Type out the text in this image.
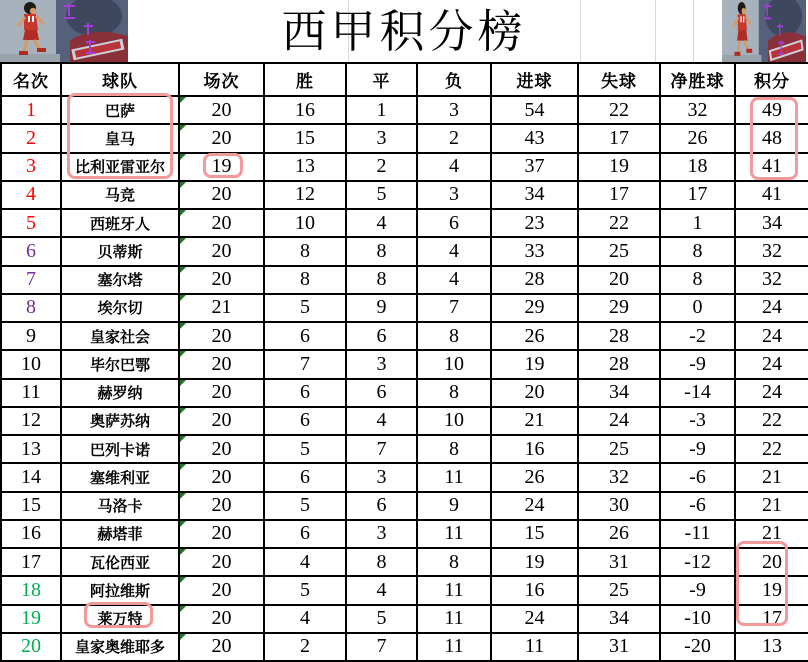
西甲积分榜
名次	球队	场次	胜	平	负	进球	失球	净胜球	积分
1	巴萨	20	16	1	3	54	22	32	49
2	皇马	20	15	3	2	43	17	26	48
3	比利亚雷亚尔	19	13	2	4	37	19	18	41
4	马竞	20	12	5	3	34	17	17	41
5	西班牙人	20	10	4	6	23	22	1	34
6	贝蒂斯	20	8	8	4	33	25	8	32
7	塞尔塔	20	8	8	4	28	20	8	32
8	埃尔切	21	5	9	7	29	29	0	24
9	皇家社会	20	6	6	8	26	28	-2	24
10	毕尔巴鄂	20	7	3	10	19	28	-9	24
11	赫罗纳	20	6	6	8	20	34	-14	24
12	奥萨苏纳	20	6	4	10	21	24	-3	22
13	巴列卡诺	20	5	7	8	16	25	-9	22
14	塞维利亚	20	6	3	11	26	32	-6	21
15	马洛卡	20	5	6	9	24	30	-6	21
16	赫塔菲	20	6	3	11	15	26	-11	21
17	瓦伦西亚	20	4	8	8	19	31	-12	20
18	阿拉维斯	20	5	4	11	16	25	-9	19
19	莱万特	20	4	5	11	24	34	-10	17
20	皇家奥维耶多	20	2	7	11	11	31	-20	13
